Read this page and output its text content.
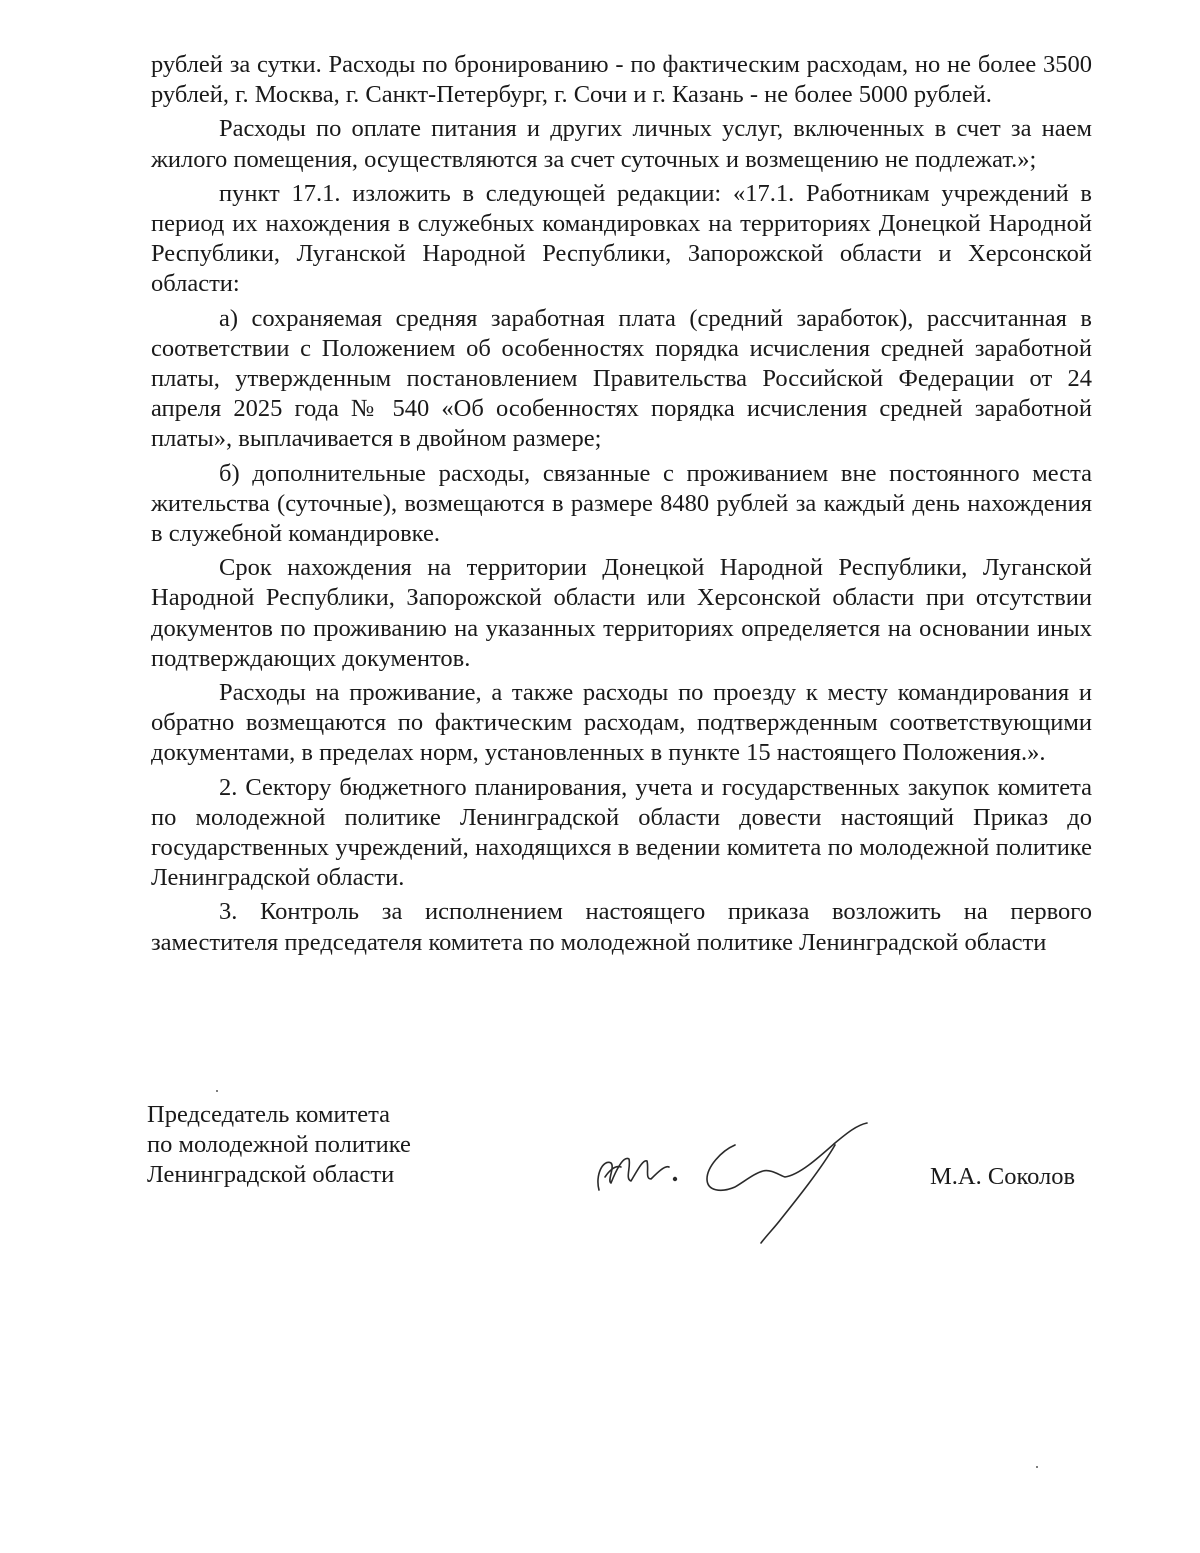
рублей за сутки. Расходы по бронированию - по фактическим расходам, но не более 3500 рублей, г. Москва, г. Санкт-Петербург, г. Сочи и г. Казань - не более 5000 рублей.

Расходы по оплате питания и других личных услуг, включенных в счет за наем жилого помещения, осуществляются за счет суточных и возмещению не подлежат.»;

пункт 17.1. изложить в следующей редакции: «17.1. Работникам учреждений в период их нахождения в служебных командировках на территориях Донецкой Народной Республики, Луганской Народной Республики, Запорожской области и Херсонской области:

а) сохраняемая средняя заработная плата (средний заработок), рассчитанная в соответствии с Положением об особенностях порядка исчисления средней заработной платы, утвержденным постановлением Правительства Российской Федерации от 24 апреля 2025 года № 540 «Об особенностях порядка исчисления средней заработной платы», выплачивается в двойном размере;

б) дополнительные расходы, связанные с проживанием вне постоянного места жительства (суточные), возмещаются в размере 8480 рублей за каждый день нахождения в служебной командировке.

Срок нахождения на территории Донецкой Народной Республики, Луганской Народной Республики, Запорожской области или Херсонской области при отсутствии документов по проживанию на указанных территориях определяется на основании иных подтверждающих документов.

Расходы на проживание, а также расходы по проезду к месту командирования и обратно возмещаются по фактическим расходам, подтвержденным соответствующими документами, в пределах норм, установленных в пункте 15 настоящего Положения.».

2. Сектору бюджетного планирования, учета и государственных закупок комитета по молодежной политике Ленинградской области довести настоящий Приказ до государственных учреждений, находящихся в ведении комитета по молодежной политике Ленинградской области.

3. Контроль за исполнением настоящего приказа возложить на первого заместителя председателя комитета по молодежной политике Ленинградской области

Председатель комитета
по молодежной политике
Ленинградской области	М.А. Соколов
